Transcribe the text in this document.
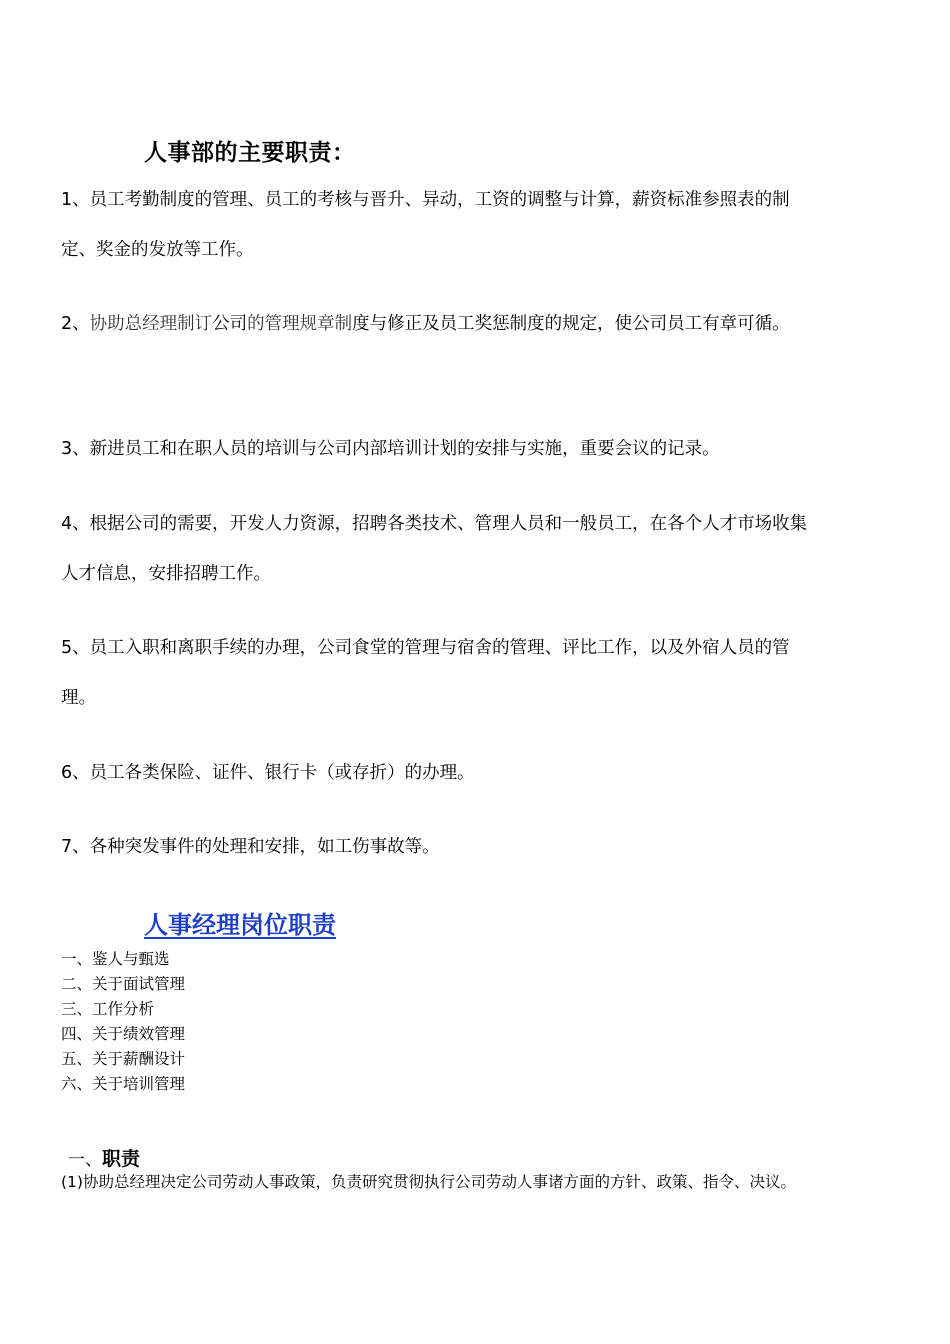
人事部的主要职责：

1、员工考勤制度的管理、员工的考核与晋升、异动，工资的调整与计算，薪资标准参照表的制定、奖金的发放等工作。

2、协助总经理制订公司的管理规章制度与修正及员工奖惩制度的规定，使公司员工有章可循。

3、新进员工和在职人员的培训与公司内部培训计划的安排与实施，重要会议的记录。

4、根据公司的需要，开发人力资源，招聘各类技术、管理人员和一般员工，在各个人才市场收集人才信息，安排招聘工作。

5、员工入职和离职手续的办理，公司食堂的管理与宿舍的管理、评比工作，以及外宿人员的管理。

6、员工各类保险、证件、银行卡（或存折）的办理。

7、各种突发事件的处理和安排，如工伤事故等。

人事经理岗位职责
一、鉴人与甄选
二、关于面试管理
三、工作分析
四、关于绩效管理
五、关于薪酬设计
六、关于培训管理
一、职责

(1)协助总经理决定公司劳动人事政策，负责研究贯彻执行公司劳动人事诸方面的方针、政策、指令、决议。
